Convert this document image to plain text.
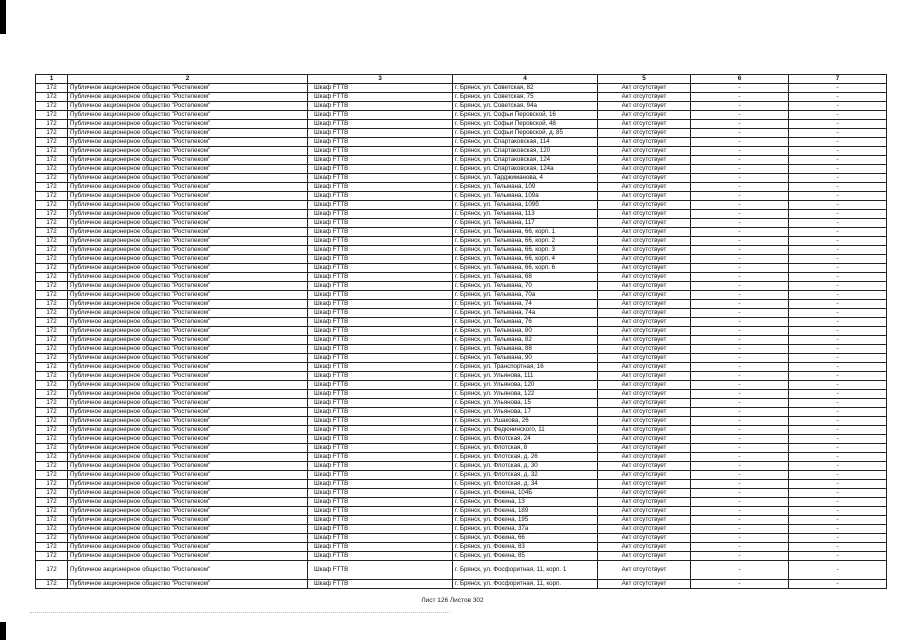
1	2	3	4	5	6	7
172	Публичное акционерное общество "Ростелеком"	Шкаф FTTB	г. Брянск, ул. Советская, 82	Акт отсутствует	-	-
172	Публичное акционерное общество "Ростелеком"	Шкаф FTTB	г. Брянск, ул. Советская, 75	Акт отсутствует	-	-
172	Публичное акционерное общество "Ростелеком"	Шкаф FTTB	г. Брянск, ул. Советская, 94а	Акт отсутствует	-	-
172	Публичное акционерное общество "Ростелеком"	Шкаф FTTB	г. Брянск, ул. Софьи Перовской, 16	Акт отсутствует	-	-
172	Публичное акционерное общество "Ростелеком"	Шкаф FTTB	г. Брянск, ул. Софьи Перовской, 48	Акт отсутствует	-	-
172	Публичное акционерное общество "Ростелеком"	Шкаф FTTB	г. Брянск, ул. Софьи Перовской, д. 85	Акт отсутствует	-	-
172	Публичное акционерное общество "Ростелеком"	Шкаф FTTB	г. Брянск, ул. Спартаковская, 114	Акт отсутствует	-	-
172	Публичное акционерное общество "Ростелеком"	Шкаф FTTB	г. Брянск, ул. Спартаковская, 120	Акт отсутствует	-	-
172	Публичное акционерное общество "Ростелеком"	Шкаф FTTB	г. Брянск, ул. Спартаковская, 124	Акт отсутствует	-	-
172	Публичное акционерное общество "Ростелеком"	Шкаф FTTB	г. Брянск, ул. Спартаковская, 124а	Акт отсутствует	-	-
172	Публичное акционерное общество "Ростелеком"	Шкаф FTTB	г. Брянск, ул. Тарджиманова, 4	Акт отсутствует	-	-
172	Публичное акционерное общество "Ростелеком"	Шкаф FTTB	г. Брянск, ул. Тельмана, 109	Акт отсутствует	-	-
172	Публичное акционерное общество "Ростелеком"	Шкаф FTTB	г. Брянск, ул. Тельмана, 109а	Акт отсутствует	-	-
172	Публичное акционерное общество "Ростелеком"	Шкаф FTTB	г. Брянск, ул. Тельмана, 109б	Акт отсутствует	-	-
172	Публичное акционерное общество "Ростелеком"	Шкаф FTTB	г. Брянск, ул. Тельмана, 113	Акт отсутствует	-	-
172	Публичное акционерное общество "Ростелеком"	Шкаф FTTB	г. Брянск, ул. Тельмана, 117	Акт отсутствует	-	-
172	Публичное акционерное общество "Ростелеком"	Шкаф FTTB	г. Брянск, ул. Тельмана, 66, корп. 1	Акт отсутствует	-	-
172	Публичное акционерное общество "Ростелеком"	Шкаф FTTB	г. Брянск, ул. Тельмана, 66, корп. 2	Акт отсутствует	-	-
172	Публичное акционерное общество "Ростелеком"	Шкаф FTTB	г. Брянск, ул. Тельмана, 66, корп. 3	Акт отсутствует	-	-
172	Публичное акционерное общество "Ростелеком"	Шкаф FTTB	г. Брянск, ул. Тельмана, 66, корп. 4	Акт отсутствует	-	-
172	Публичное акционерное общество "Ростелеком"	Шкаф FTTB	г. Брянск, ул. Тельмана, 66, корп. 6	Акт отсутствует	-	-
172	Публичное акционерное общество "Ростелеком"	Шкаф FTTB	г. Брянск, ул. Тельмана, 68	Акт отсутствует	-	-
172	Публичное акционерное общество "Ростелеком"	Шкаф FTTB	г. Брянск, ул. Тельмана, 70	Акт отсутствует	-	-
172	Публичное акционерное общество "Ростелеком"	Шкаф FTTB	г. Брянск, ул. Тельмана, 70а	Акт отсутствует	-	-
172	Публичное акционерное общество "Ростелеком"	Шкаф FTTB	г. Брянск, ул. Тельмана, 74	Акт отсутствует	-	-
172	Публичное акционерное общество "Ростелеком"	Шкаф FTTB	г. Брянск, ул. Тельмана, 74а	Акт отсутствует	-	-
172	Публичное акционерное общество "Ростелеком"	Шкаф FTTB	г. Брянск, ул. Тельмана, 76	Акт отсутствует	-	-
172	Публичное акционерное общество "Ростелеком"	Шкаф FTTB	г. Брянск, ул. Тельмана, 80	Акт отсутствует	-	-
172	Публичное акционерное общество "Ростелеком"	Шкаф FTTB	г. Брянск, ул. Тельмана, 82	Акт отсутствует	-	-
172	Публичное акционерное общество "Ростелеком"	Шкаф FTTB	г. Брянск, ул. Тельмана, 88	Акт отсутствует	-	-
172	Публичное акционерное общество "Ростелеком"	Шкаф FTTB	г. Брянск, ул. Тельмана, 90	Акт отсутствует	-	-
172	Публичное акционерное общество "Ростелеком"	Шкаф FTTB	г. Брянск, ул. Транспортная, 16	Акт отсутствует	-	-
172	Публичное акционерное общество "Ростелеком"	Шкаф FTTB	г. Брянск, ул. Ульянова, 111	Акт отсутствует	-	-
172	Публичное акционерное общество "Ростелеком"	Шкаф FTTB	г. Брянск, ул. Ульянова, 120	Акт отсутствует	-	-
172	Публичное акционерное общество "Ростелеком"	Шкаф FTTB	г. Брянск, ул. Ульянова, 122	Акт отсутствует	-	-
172	Публичное акционерное общество "Ростелеком"	Шкаф FTTB	г. Брянск, ул. Ульянова, 15	Акт отсутствует	-	-
172	Публичное акционерное общество "Ростелеком"	Шкаф FTTB	г. Брянск, ул. Ульянова, 17	Акт отсутствует	-	-
172	Публичное акционерное общество "Ростелеком"	Шкаф FTTB	г. Брянск, ул. Ушакова, 26	Акт отсутствует	-	-
172	Публичное акционерное общество "Ростелеком"	Шкаф FTTB	г. Брянск, ул. Федюнинского, 11	Акт отсутствует	-	-
172	Публичное акционерное общество "Ростелеком"	Шкаф FTTB	г. Брянск, ул. Флотская, 24	Акт отсутствует	-	-
172	Публичное акционерное общество "Ростелеком"	Шкаф FTTB	г. Брянск, ул. Флотская, 8	Акт отсутствует	-	-
172	Публичное акционерное общество "Ростелеком"	Шкаф FTTB	г. Брянск, ул. Флотская, д. 26	Акт отсутствует	-	-
172	Публичное акционерное общество "Ростелеком"	Шкаф FTTB	г. Брянск, ул. Флотская, д. 30	Акт отсутствует	-	-
172	Публичное акционерное общество "Ростелеком"	Шкаф FTTB	г. Брянск, ул. Флотская, д. 32	Акт отсутствует	-	-
172	Публичное акционерное общество "Ростелеком"	Шкаф FTTB	г. Брянск, ул. Флотская, д. 34	Акт отсутствует	-	-
172	Публичное акционерное общество "Ростелеком"	Шкаф FTTB	г. Брянск, ул. Фокина, 104Б	Акт отсутствует	-	-
172	Публичное акционерное общество "Ростелеком"	Шкаф FTTB	г. Брянск, ул. Фокина, 13	Акт отсутствует	-	-
172	Публичное акционерное общество "Ростелеком"	Шкаф FTTB	г. Брянск, ул. Фокина, 189	Акт отсутствует	-	-
172	Публичное акционерное общество "Ростелеком"	Шкаф FTTB	г. Брянск, ул. Фокина, 195	Акт отсутствует	-	-
172	Публичное акционерное общество "Ростелеком"	Шкаф FTTB	г. Брянск, ул. Фокина, 37а	Акт отсутствует	-	-
172	Публичное акционерное общество "Ростелеком"	Шкаф FTTB	г. Брянск, ул. Фокина, 66	Акт отсутствует	-	-
172	Публичное акционерное общество "Ростелеком"	Шкаф FTTB	г. Брянск, ул. Фокина, 83	Акт отсутствует	-	-
172	Публичное акционерное общество "Ростелеком"	Шкаф FTTB	г. Брянск, ул. Фокина, 85	Акт отсутствует	-	-
172	Публичное акционерное общество "Ростелеком"	Шкаф FTTB	г. Брянск, ул. Фосфоритная, 11, корп. 1	Акт отсутствует	-	-
172	Публичное акционерное общество "Ростелеком"	Шкаф FTTB	г. Брянск, ул. Фосфоритная, 11, корп.	Акт отсутствует	-	-
Лист 126 Листов 302
